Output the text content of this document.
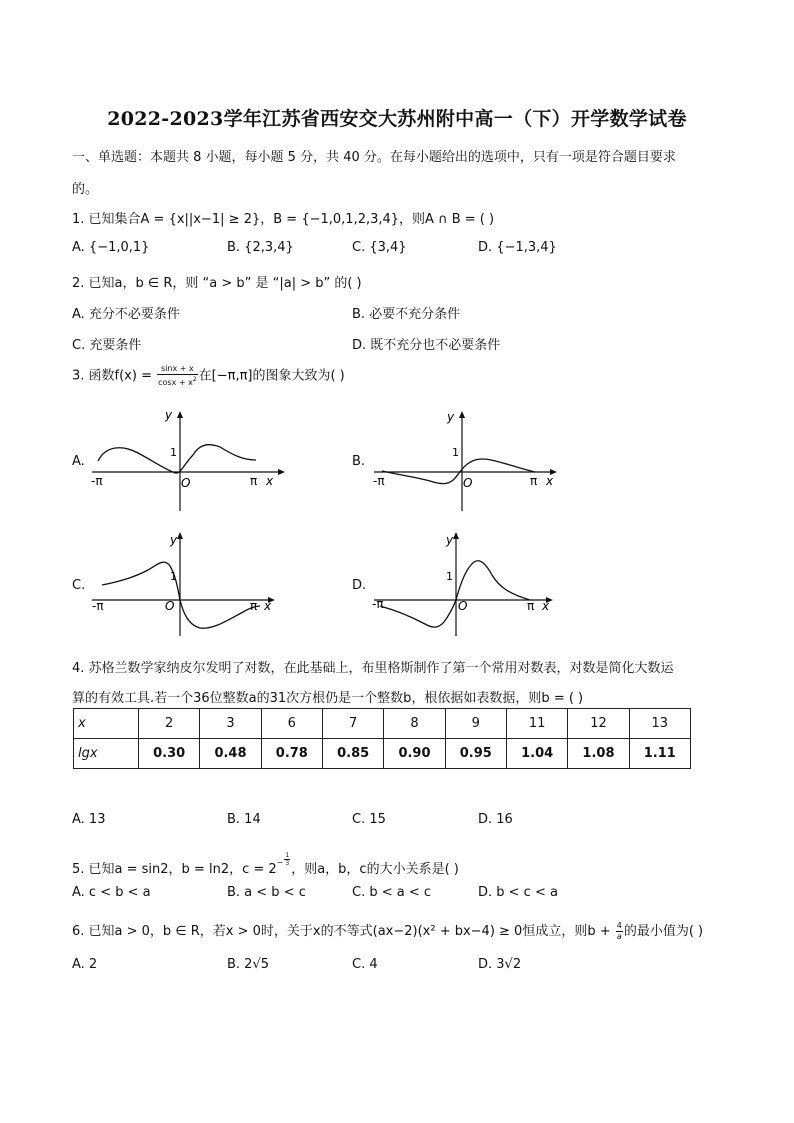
2022-2023学年江苏省西安交大苏州附中高一（下）开学数学试卷
一、单选题：本题共 8 小题，每小题 5 分，共 40 分。在每小题给出的选项中，只有一项是符合题目要求
的。
1. 已知集合A = {x||x−1| ≥ 2}，B = {−1,0,1,2,3,4}，则A ∩ B = ( )
A. {−1,0,1}	B. {2,3,4}	C. {3,4}	D. {−1,3,4}
2. 已知a，b ∈ R，则 “a > b” 是 “|a| > b” 的( )
A. 充分不必要条件	B. 必要不充分条件
C. 充要条件	D. 既不充分也不必要条件
3. 函数$f(x) = \frac{\sin x + x}{\cos x + x^2}$ 在[−π,π]的图象大致为( )
A.
y
1
O
-π	π x
B.
y
1
O
-π	π x
C.
y
1
O
-π	π x
D.
y
1
O
-π	π x
4. 苏格兰数学家纳皮尔发明了对数，在此基础上，布里格斯制作了第一个常用对数表，对数是简化大数运
算的有效工具.若一个36位整数a的31次方根仍是一个整数b，根依据如表数据，则b = ( )
x	2	3	6	7	8	9	11	12	13
lgx	0.30	0.48	0.78	0.85	0.90	0.95	1.04	1.08	1.11
A. 13	B. 14	C. 15	D. 16
5. 已知a = sin2，b = ln2，$c = 2^- \frac{1}{3}$
，则a，b，c的大小关系是( )
A. c < b < a	B. a < b < c	C. b < a < c	D. b < c < a
6. 已知a > 0，b ∈ R，若x > 0时，关于x的不等式(ax−2)(x² + bx−4) ≥ 0恒成立，则$b + \frac{4}{a}$ 的最小值为( )
A. 2	B. 2√5	C. 4	D. 3√2
